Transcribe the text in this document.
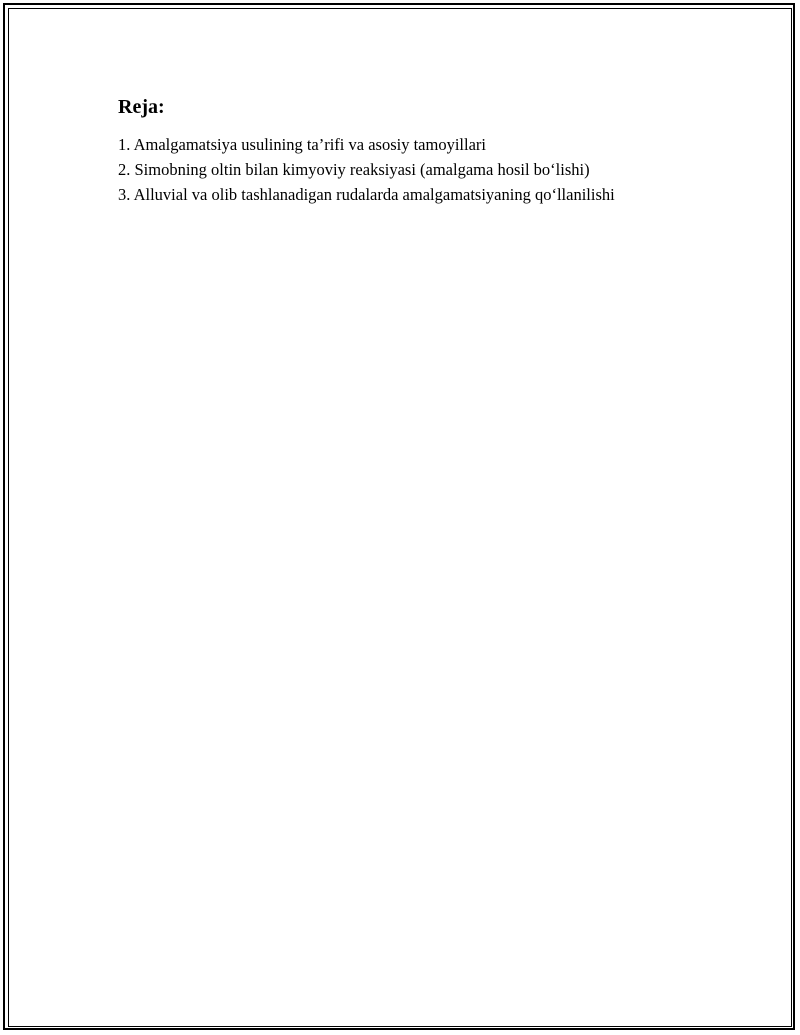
Reja:
1. Amalgamatsiya usulining ta’rifi va asosiy tamoyillari
2. Simobning oltin bilan kimyoviy reaksiyasi (amalgama hosil bo‘lishi)
3. Alluvial va olib tashlanadigan rudalarda amalgamatsiyaning qo‘llanilishi
